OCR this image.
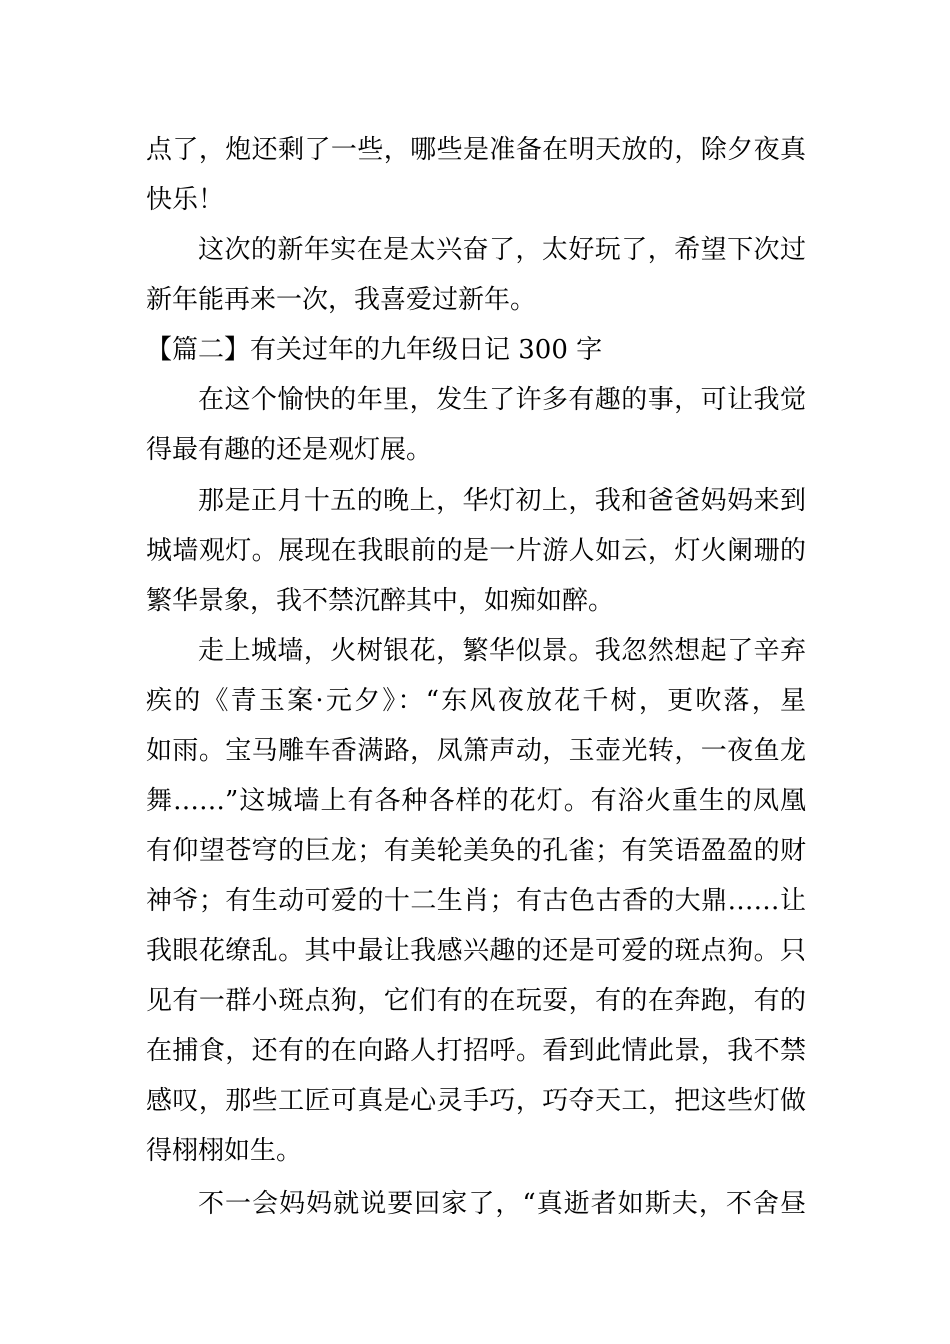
点了，炮还剩了一些，哪些是准备在明天放的，除夕夜真
快乐！
这次的新年实在是太兴奋了，太好玩了，希望下次过
新年能再来一次，我喜爱过新年。
【篇二】有关过年的九年级日记 300 字
在这个愉快的年里，发生了许多有趣的事，可让我觉
得最有趣的还是观灯展。
那是正月十五的晚上，华灯初上，我和爸爸妈妈来到
城墙观灯。展现在我眼前的是一片游人如云，灯火阑珊的
繁华景象，我不禁沉醉其中，如痴如醉。
走上城墙，火树银花，繁华似景。我忽然想起了辛弃
疾的《青玉案·元夕》：“东风夜放花千树，更吹落，星
如雨。宝马雕车香满路，凤箫声动，玉壶光转，一夜鱼龙
舞……”这城墙上有各种各样的花灯。有浴火重生的凤凰
有仰望苍穹的巨龙；有美轮美奂的孔雀；有笑语盈盈的财
神爷；有生动可爱的十二生肖；有古色古香的大鼎……让
我眼花缭乱。其中最让我感兴趣的还是可爱的斑点狗。只
见有一群小斑点狗，它们有的在玩耍，有的在奔跑，有的
在捕食，还有的在向路人打招呼。看到此情此景，我不禁
感叹，那些工匠可真是心灵手巧，巧夺天工，把这些灯做
得栩栩如生。
不一会妈妈就说要回家了，“真逝者如斯夫，不舍昼
